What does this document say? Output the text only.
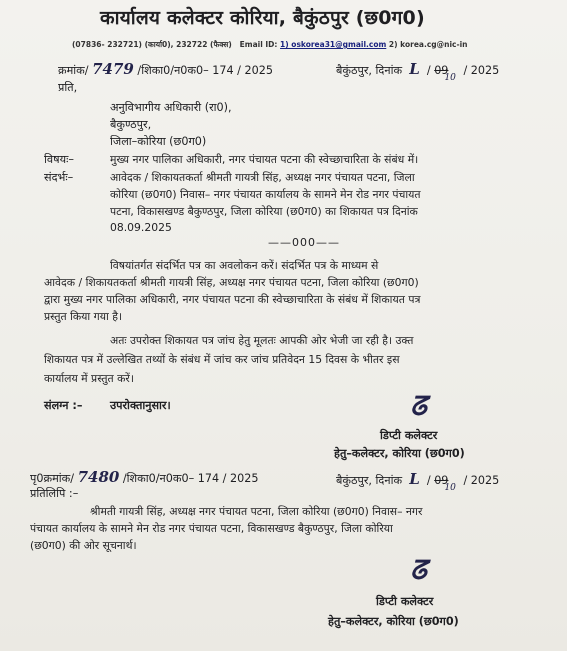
कार्यालय कलेक्टर कोरिया, बैकुंठपुर (छ0ग0)
(07836- 232721) (कार्या0), 232722 (फैक्स) Email ID: 1) oskorea31@gmail.com 2) korea.cg@nic-in
क्रमांक/ 7479 /शिका0/न0क0– 174 / 2025	बैकुंठपुर, दिनांक L  / $09_{10} / 2025$
प्रति,
अनुविभागीय अधिकारी (रा0),
बैकुण्ठपुर,
जिला–कोरिया (छ0ग0)
विषयः–	मुख्य नगर पालिका अधिकारी, नगर पंचायत पटना की स्वेच्छाचारिता के संबंध में।
संदर्भः–	आवेदक / शिकायतकर्ता श्रीमती गायत्री सिंह, अध्यक्ष नगर पंचायत पटना, जिला
कोरिया (छ0ग0) निवास– नगर पंचायत कार्यालय के सामने मेन रोड नगर पंचायत
पटना, विकासखण्ड बैकुण्ठपुर, जिला कोरिया (छ0ग0) का शिकायत पत्र दिनांक
08.09.2025
——000——
विषयांतर्गत संदर्भित पत्र का अवलोकन करें। संदर्भित पत्र के माध्यम से
आवेदक / शिकायतकर्ता श्रीमती गायत्री सिंह, अध्यक्ष नगर पंचायत पटना, जिला कोरिया (छ0ग0)
द्वारा मुख्य नगर पालिका अधिकारी, नगर पंचायत पटना की स्वेच्छाचारिता के संबंध में शिकायत पत्र
प्रस्तुत किया गया है।
अतः उपरोक्त शिकायत पत्र जांच हेतु मूलतः आपकी ओर भेजी जा रही है। उक्त
शिकायत पत्र में उल्लेखित तथ्यों के संबंध में जांच कर जांच प्रतिवेदन 15 दिवस के भीतर इस
कार्यालय में प्रस्तुत करें।
संलग्न :– उपरोक्तानुसार।	ᘔ
डिप्टी कलेक्टर
हेतु–कलेक्टर, कोरिया (छ0ग0)
पृ0क्रमांक/ 7480 /शिका0/न0क0– 174 / 2025	बैकुंठपुर, दिनांक L  / $09_{10} / 2025$
प्रतिलिपि :–
श्रीमती गायत्री सिंह, अध्यक्ष नगर पंचायत पटना, जिला कोरिया (छ0ग0) निवास– नगर
पंचायत कार्यालय के सामने मेन रोड नगर पंचायत पटना, विकासखण्ड बैकुण्ठपुर, जिला कोरिया
(छ0ग0) की ओर सूचनार्थ।
ᘔ
डिप्टी कलेक्टर
हेतु–कलेक्टर, कोरिया (छ0ग0)
